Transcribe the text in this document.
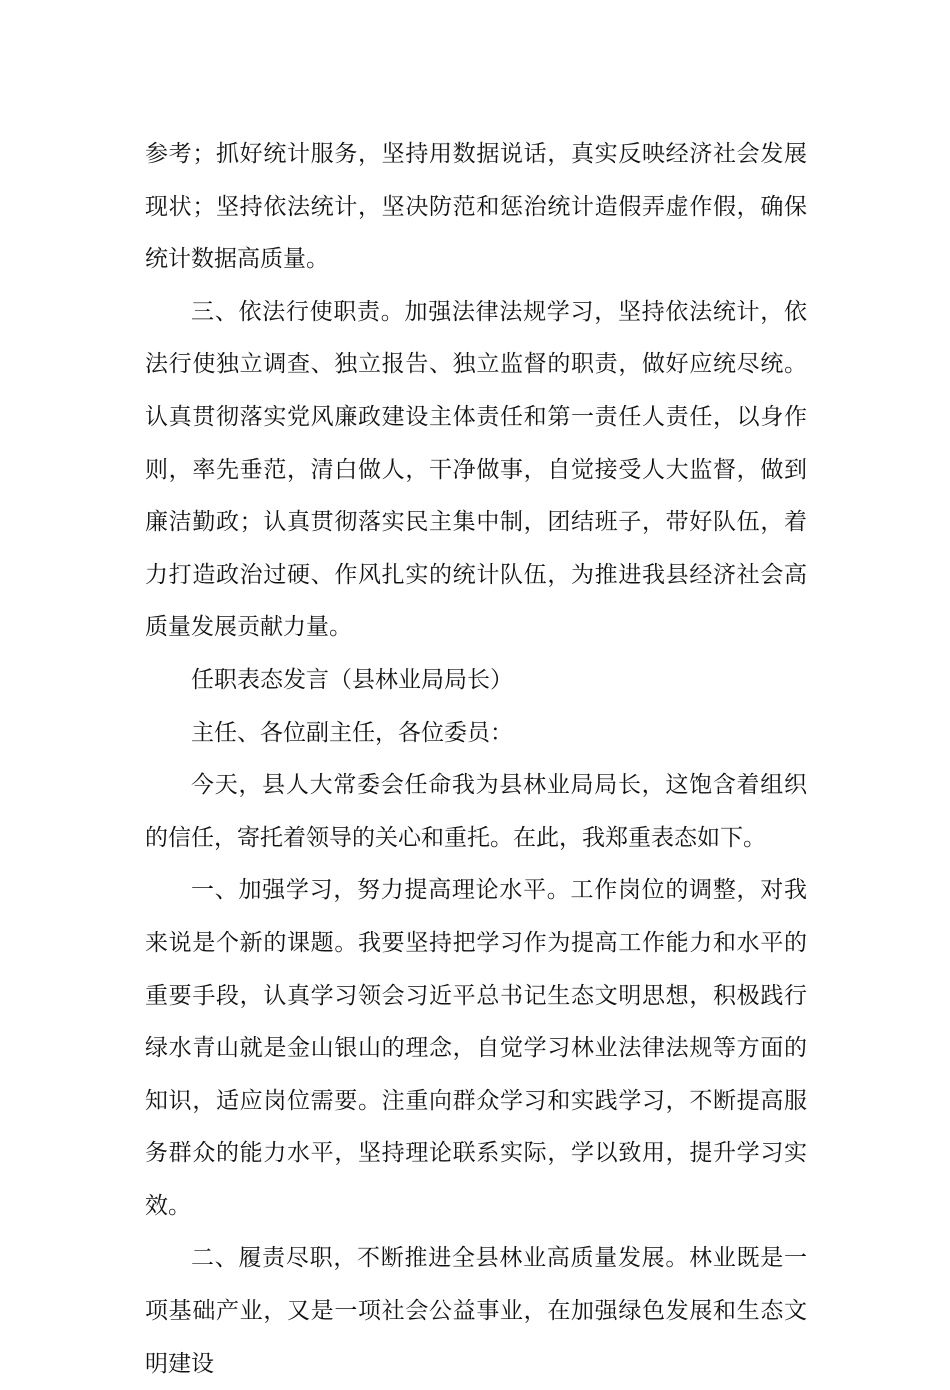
参考；抓好统计服务，坚持用数据说话，真实反映经济社会发展现状；坚持依法统计，坚决防范和惩治统计造假弄虚作假，确保统计数据高质量。

三、依法行使职责。加强法律法规学习，坚持依法统计，依法行使独立调查、独立报告、独立监督的职责，做好应统尽统。认真贯彻落实党风廉政建设主体责任和第一责任人责任，以身作则，率先垂范，清白做人，干净做事，自觉接受人大监督，做到廉洁勤政；认真贯彻落实民主集中制，团结班子，带好队伍，着力打造政治过硬、作风扎实的统计队伍，为推进我县经济社会高质量发展贡献力量。

任职表态发言（县林业局局长）

主任、各位副主任，各位委员：

今天，县人大常委会任命我为县林业局局长，这饱含着组织的信任，寄托着领导的关心和重托。在此，我郑重表态如下。

一、加强学习，努力提高理论水平。工作岗位的调整，对我来说是个新的课题。我要坚持把学习作为提高工作能力和水平的重要手段，认真学习领会习近平总书记生态文明思想，积极践行绿水青山就是金山银山的理念，自觉学习林业法律法规等方面的知识，适应岗位需要。注重向群众学习和实践学习，不断提高服务群众的能力水平，坚持理论联系实际，学以致用，提升学习实效。

二、履责尽职，不断推进全县林业高质量发展。林业既是一项基础产业，又是一项社会公益事业，在加强绿色发展和生态文明建设
